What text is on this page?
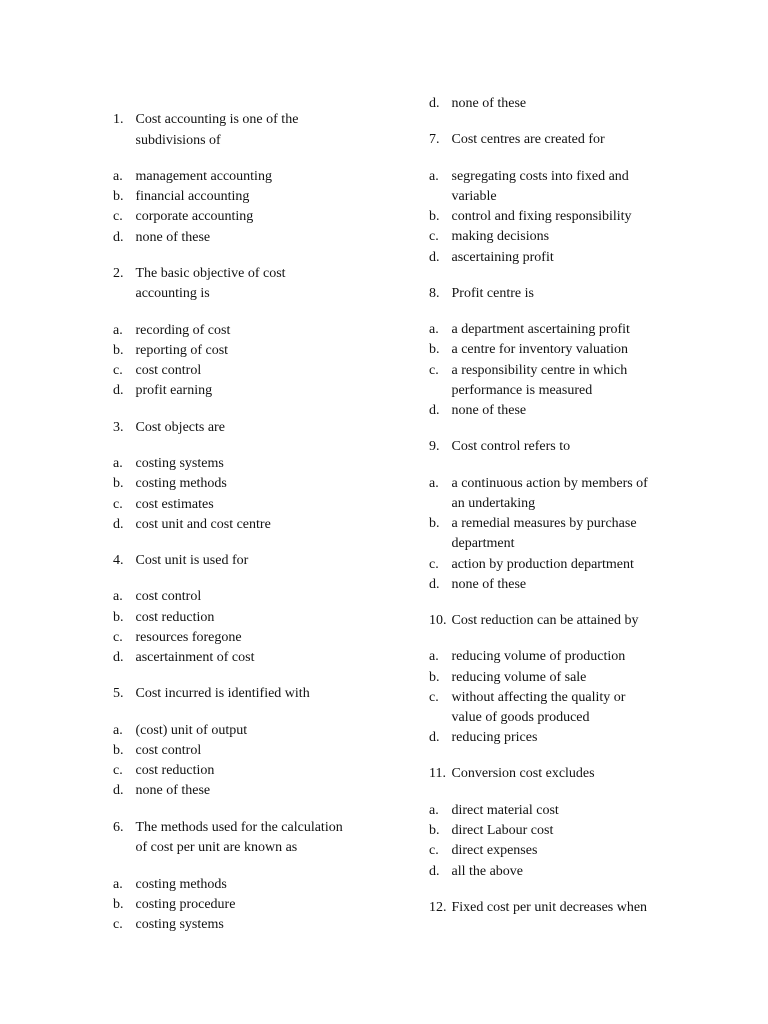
1. Cost accounting is one of the
subdivisions of
a. management accounting
b. financial accounting
c. corporate accounting
d. none of these
2. The basic objective of cost
accounting is
a. recording of cost
b. reporting of cost
c. cost control
d. profit earning
3. Cost objects are
a. costing systems
b. costing methods
c. cost estimates
d. cost unit and cost centre
4. Cost unit is used for
a. cost control
b. cost reduction
c. resources foregone
d. ascertainment of cost
5. Cost incurred is identified with
a. (cost) unit of output
b. cost control
c. cost reduction
d. none of these
6. The methods used for the calculation
of cost per unit are known as
a. costing methods
b. costing procedure
c. costing systems
d. none of these
7. Cost centres are created for
a. segregating costs into fixed and
variable
b. control and fixing responsibility
c. making decisions
d. ascertaining profit
8. Profit centre is
a. a department ascertaining profit
b. a centre for inventory valuation
c. a responsibility centre in which
performance is measured
d. none of these
9. Cost control refers to
a. a continuous action by members of
an undertaking
b. a remedial measures by purchase
department
c. action by production department
d. none of these
10. Cost reduction can be attained by
a. reducing volume of production
b. reducing volume of sale
c. without affecting the quality or
value of goods produced
d. reducing prices
11. Conversion cost excludes
a. direct material cost
b. direct Labour cost
c. direct expenses
d. all the above
12. Fixed cost per unit decreases when
